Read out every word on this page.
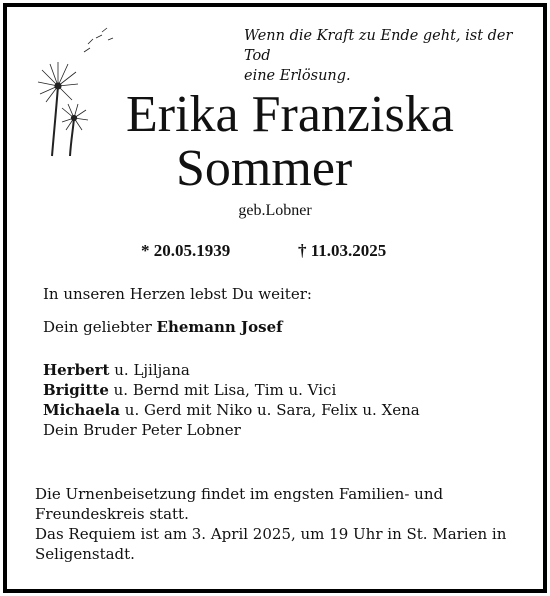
Wenn die Kraft zu Ende geht, ist der Tod
eine Erlösung.
Erika Franziska
Sommer
geb.Lobner
* 20.05.1939	† 11.03.2025

In unseren Herzen lebst Du weiter:

Dein geliebter Ehemann Josef

Herbert u. Ljiljana
Brigitte u. Bernd mit Lisa, Tim u. Vici
Michaela u. Gerd mit Niko u. Sara, Felix u. Xena
Dein Bruder Peter Lobner
Die Urnenbeisetzung findet im engsten Familien- und
Freundeskreis statt.
Das Requiem ist am 3. April 2025, um 19 Uhr in St. Marien in
Seligenstadt.
